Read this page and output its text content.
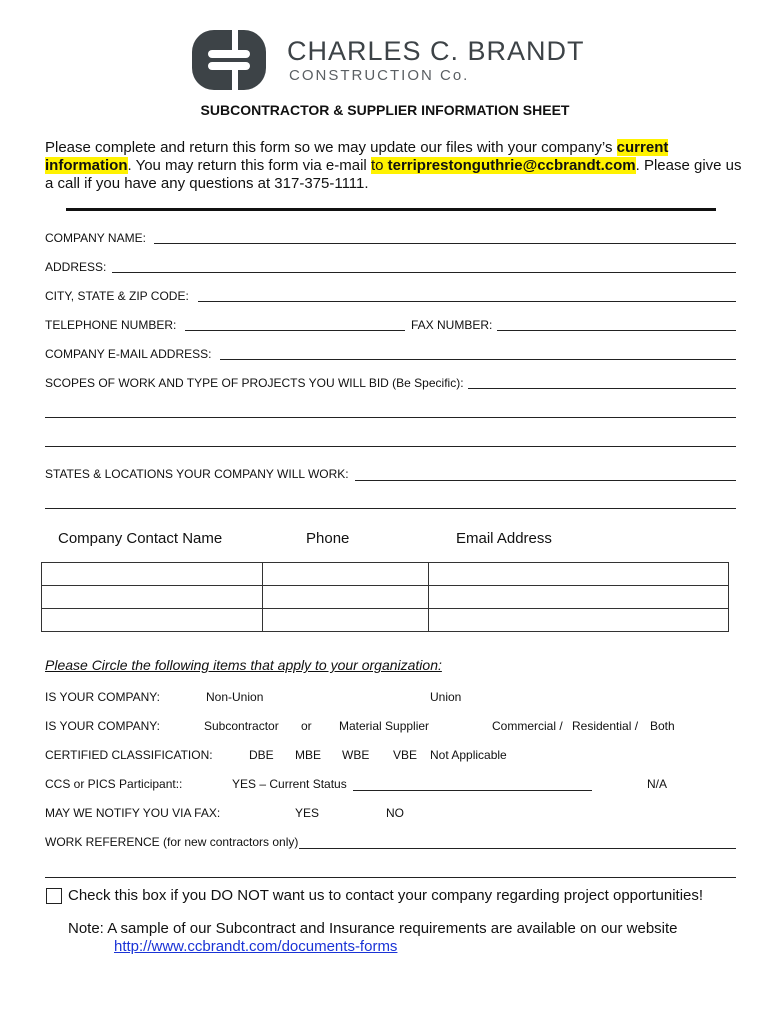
CHARLES C. BRANDT
CONSTRUCTION Co.
SUBCONTRACTOR & SUPPLIER INFORMATION SHEET
Please complete and return this form so we may update our files with your company’s current information. You may return this form via e-mail to terriprestonguthrie@ccbrandt.com. Please give us a call if you have any questions at 317-375-1111.
COMPANY NAME:
ADDRESS:
CITY, STATE & ZIP CODE:
TELEPHONE NUMBER:	FAX NUMBER:
COMPANY E-MAIL ADDRESS:
SCOPES OF WORK AND TYPE OF PROJECTS YOU WILL BID (Be Specific):
STATES & LOCATIONS YOUR COMPANY WILL WORK:
Company Contact Name	Phone	Email Address

Please Circle the following items that apply to your organization:
IS YOUR COMPANY:	Non-Union	Union
IS YOUR COMPANY:	Subcontractor or Material Supplier	Commercial / Residential / Both
CERTIFIED CLASSIFICATION:	DBE MBE WBE VBE Not Applicable
CCS or PICS Participant::	YES – Current Status	N/A
MAY WE NOTIFY YOU VIA FAX:	YES	NO
WORK REFERENCE (for new contractors only)
Check this box if you DO NOT want us to contact your company regarding project opportunities!
Note: A sample of our Subcontract and Insurance requirements are available on our website
http://www.ccbrandt.com/documents-forms
